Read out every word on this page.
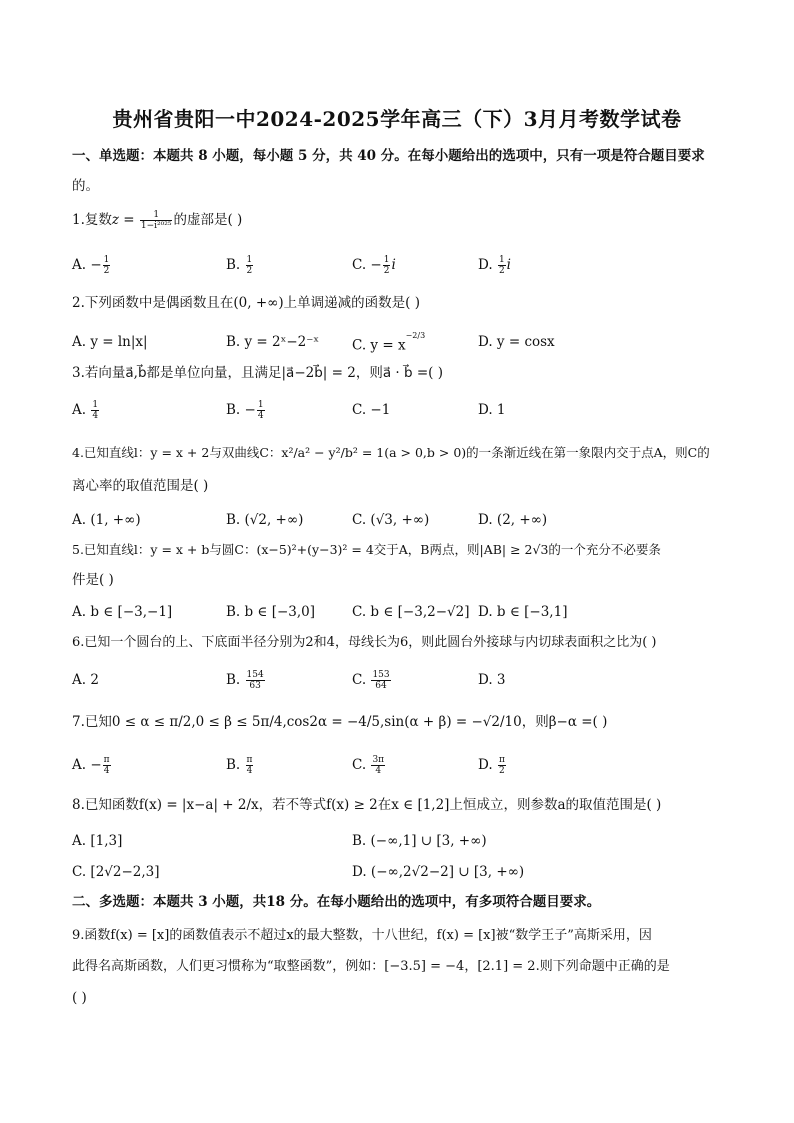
贵州省贵阳一中2024-2025学年高三（下）3月月考数学试卷
一、单选题：本题共 8 小题，每小题 5 分，共 40 分。在每小题给出的选项中，只有一项是符合题目要求
的。
1.复数$z = \frac{1}{\text{1−i²⁰²⁵}}$ 的虚部是( )
A. − $\frac{1}{2}$	B. $\frac{1}{2}$	C. − $\frac{1}{2}$ i	D. $\frac{1}{2}$ i
2.下列函数中是偶函数且在(0, +∞)上单调递减的函数是( )
A. y = ln|x|	B. y = 2ˣ−2⁻ˣ C. $y = x^{-2/3}$	D. y = cosx
3.若向量a⃗,b⃗都是单位向量，且满足|a⃗−2b⃗| = 2，则a⃗ · b⃗ =( )
A. $\frac{1}{4}$	B. − $\frac{1}{4}$	C. −1	D. 1
4.已知直线l：y = x + 2与双曲线C：x²/a² − y²/b² = 1(a > 0,b > 0)的一条渐近线在第一象限内交于点A，则C的
离心率的取值范围是( )
A. (1, +∞)	B. (√2, +∞)	C. (√3, +∞)	D. (2, +∞)
5.已知直线l：y = x + b与圆C：(x−5)²+(y−3)² = 4交于A，B两点，则|AB| ≥ 2√3的一个充分不必要条
件是( )
A. b ∈ [−3,−1]	B. b ∈ [−3,0]	C. b ∈ [−3,2−√2] D. b ∈ [−3,1]
6.已知一个圆台的上、下底面半径分别为2和4，母线长为6，则此圆台外接球与内切球表面积之比为( )
A. 2	B. $\frac{154}{63}$	C. $\frac{153}{64}$	D. 3
7.已知0 ≤ α ≤ π/2,0 ≤ β ≤ 5π/4,cos2α = −4/5,sin(α + β) = −√2/10，则β−α =( )
A. − $\frac{\pi}{4}$	B. $\frac{\pi}{4}$	C. $\frac{3\pi}{4}$	D. $\frac{\pi}{2}$
8.已知函数f(x) = |x−a| + 2/x，若不等式f(x) ≥ 2在x ∈ [1,2]上恒成立，则参数a的取值范围是( )
A. [1,3]	B. (−∞,1] ∪ [3, +∞)
C. [2√2−2,3]	D. (−∞,2√2−2] ∪ [3, +∞)
二、多选题：本题共 3 小题，共18 分。在每小题给出的选项中，有多项符合题目要求。
9.函数f(x) = [x]的函数值表示不超过x的最大整数，十八世纪，f(x) = [x]被“数学王子”高斯采用，因
此得名高斯函数，人们更习惯称为“取整函数”，例如：[−3.5] = −4，[2.1] = 2.则下列命题中正确的是
( )
